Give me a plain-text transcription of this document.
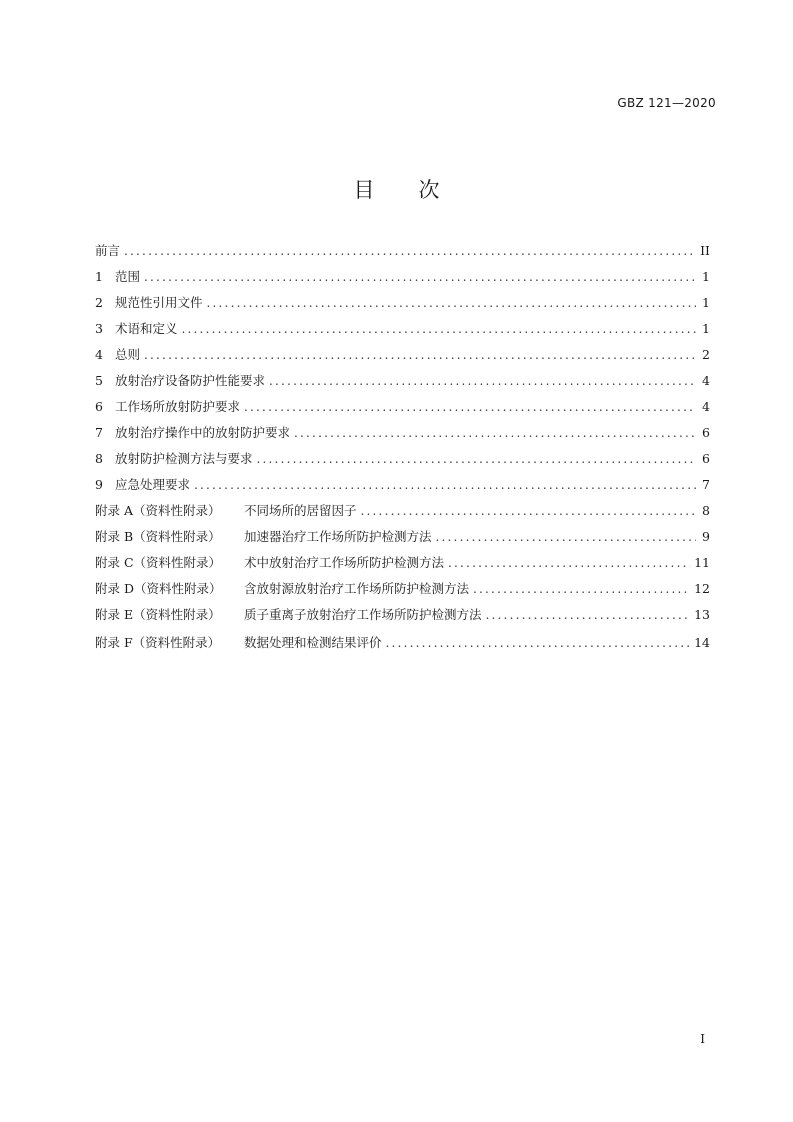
GBZ 121—2020
目次
前言 .....	II
1 范围 .....	1
2 规范性引用文件 .....	1
3 术语和定义 .....	1
4 总则 .....	2
5 放射治疗设备防护性能要求 .....	4
6 工作场所放射防护要求 .....	4
7 放射治疗操作中的放射防护要求 .....	6
8 放射防护检测方法与要求 .....	6
9 应急处理要求 .....	7
附录 A（资料性附录）	不同场所的居留因子 .....	8
附录 B（资料性附录）	加速器治疗工作场所防护检测方法 .....	9
附录 C（资料性附录）	术中放射治疗工作场所防护检测方法 .....	11
附录 D（资料性附录）	含放射源放射治疗工作场所防护检测方法 .....	12
附录 E（资料性附录）	质子重离子放射治疗工作场所防护检测方法 .....	13
附录 F（资料性附录）	数据处理和检测结果评价 .....	14
I
